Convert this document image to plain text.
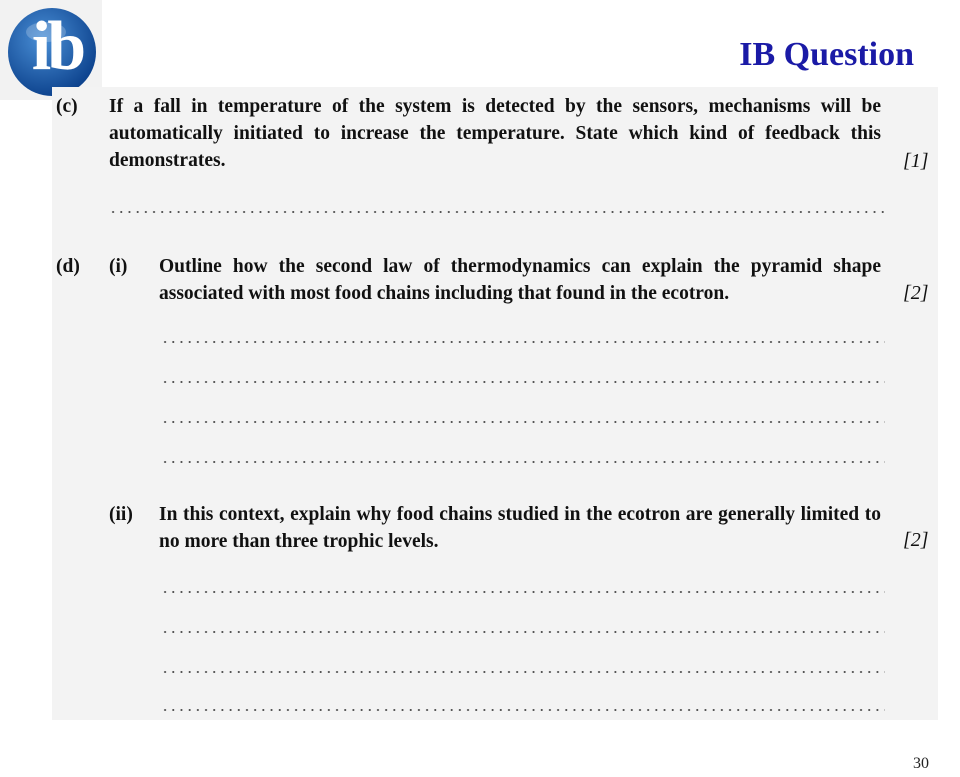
ib	IB Question
(c) If a fall in temperature of the system is detected by the sensors, mechanisms will be automatically initiated to increase the temperature. State which kind of feedback this demonstrates.	[1]
(d) (i) Outline how the second law of thermodynamics can explain the pyramid shape associated with most food chains including that found in the ecotron.	[2]
(ii) In this context, explain why food chains studied in the ecotron are generally limited to no more than three trophic levels.	[2]
30
